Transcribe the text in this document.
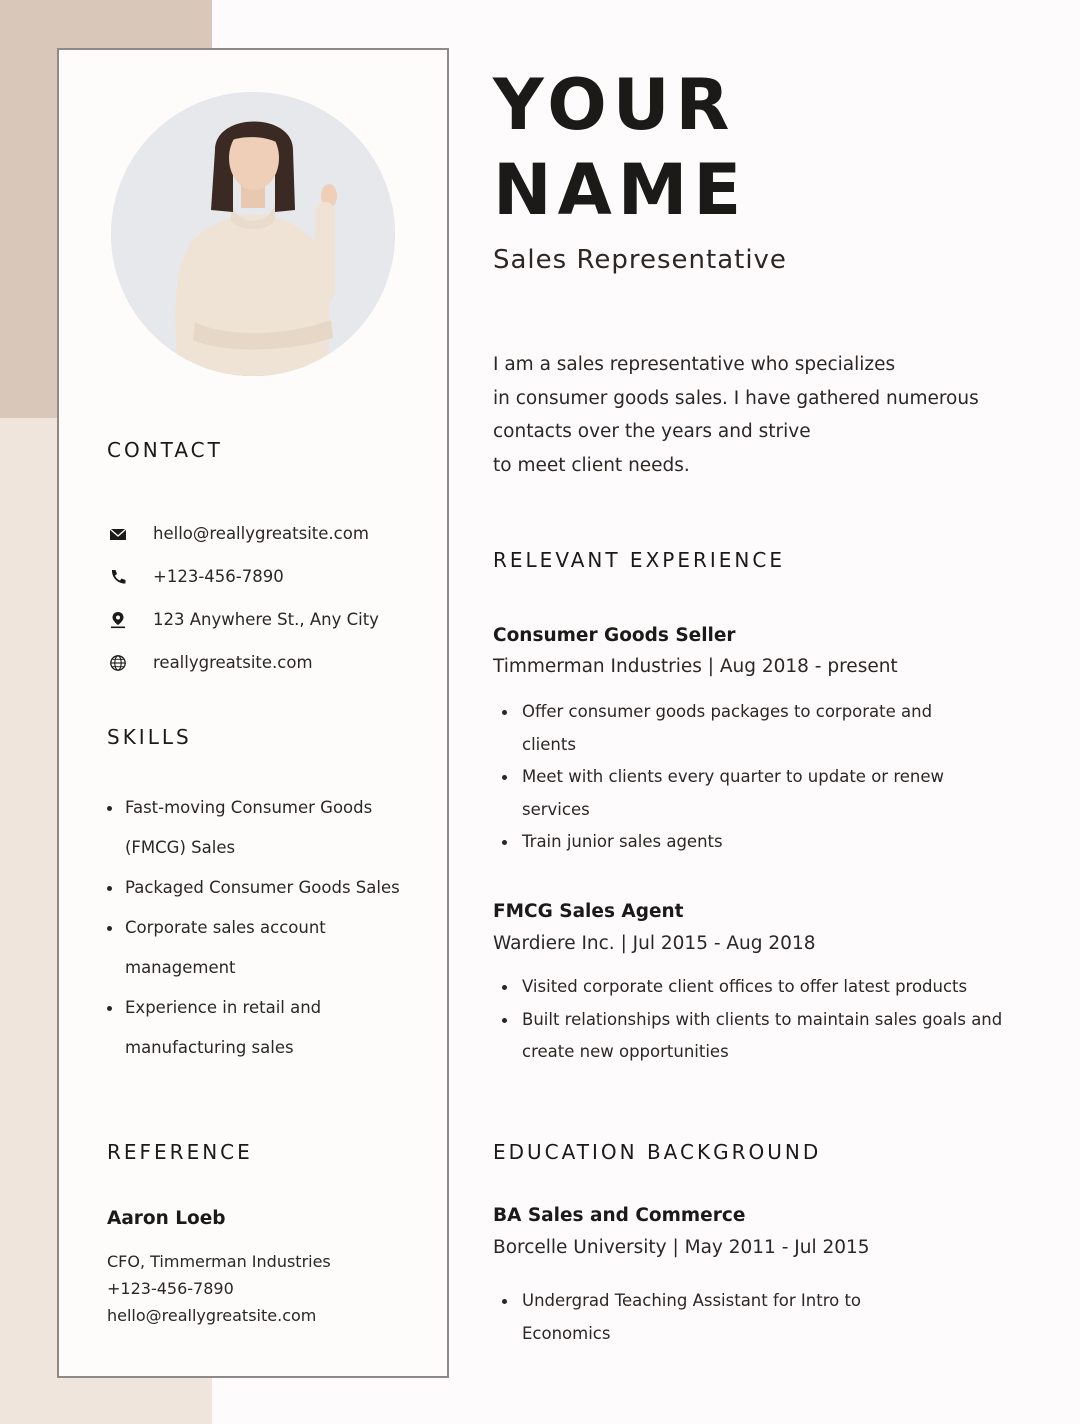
CONTACT
hello@reallygreatsite.com
+123-456-7890
123 Anywhere St., Any City
reallygreatsite.com
SKILLS
Fast-moving Consumer Goods (FMCG) Sales
Packaged Consumer Goods Sales
Corporate sales account management
Experience in retail and manufacturing sales
REFERENCE
Aaron Loeb
CFO, Timmerman Industries
+123-456-7890
hello@reallygreatsite.com
YOUR
NAME
Sales Representative
I am a sales representative who specializes
in consumer goods sales. I have gathered numerous
contacts over the years and strive
to meet client needs.
RELEVANT EXPERIENCE
Consumer Goods Seller
Timmerman Industries | Aug 2018 - present
Offer consumer goods packages to corporate and clients
Meet with clients every quarter to update or renew services
Train junior sales agents
FMCG Sales Agent
Wardiere Inc. | Jul 2015 - Aug 2018
Visited corporate client offices to offer latest products
Built relationships with clients to maintain sales goals and create new opportunities
EDUCATION BACKGROUND
BA Sales and Commerce
Borcelle University | May 2011 - Jul 2015
Undergrad Teaching Assistant for Intro to Economics
